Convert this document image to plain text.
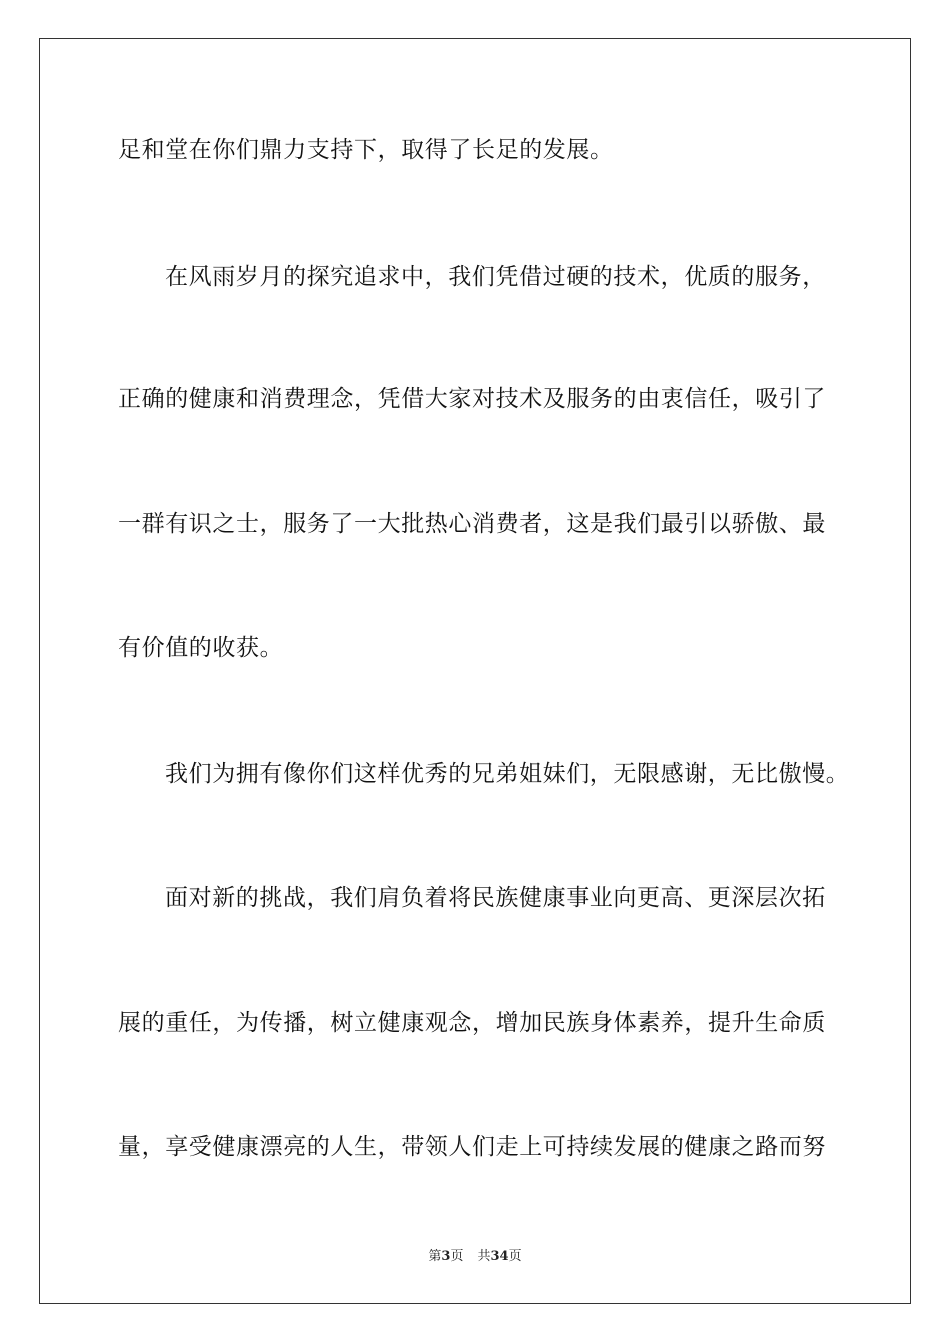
足和堂在你们鼎力支持下，取得了长足的发展。
在风雨岁月的探究追求中，我们凭借过硬的技术，优质的服务，
正确的健康和消费理念，凭借大家对技术及服务的由衷信任，吸引了
一群有识之士，服务了一大批热心消费者，这是我们最引以骄傲、最
有价值的收获。
我们为拥有像你们这样优秀的兄弟姐妹们，无限感谢，无比傲慢。
面对新的挑战，我们肩负着将民族健康事业向更高、更深层次拓
展的重任，为传播，树立健康观念，增加民族身体素养，提升生命质
量，享受健康漂亮的人生，带领人们走上可持续发展的健康之路而努
第3页 共34页
